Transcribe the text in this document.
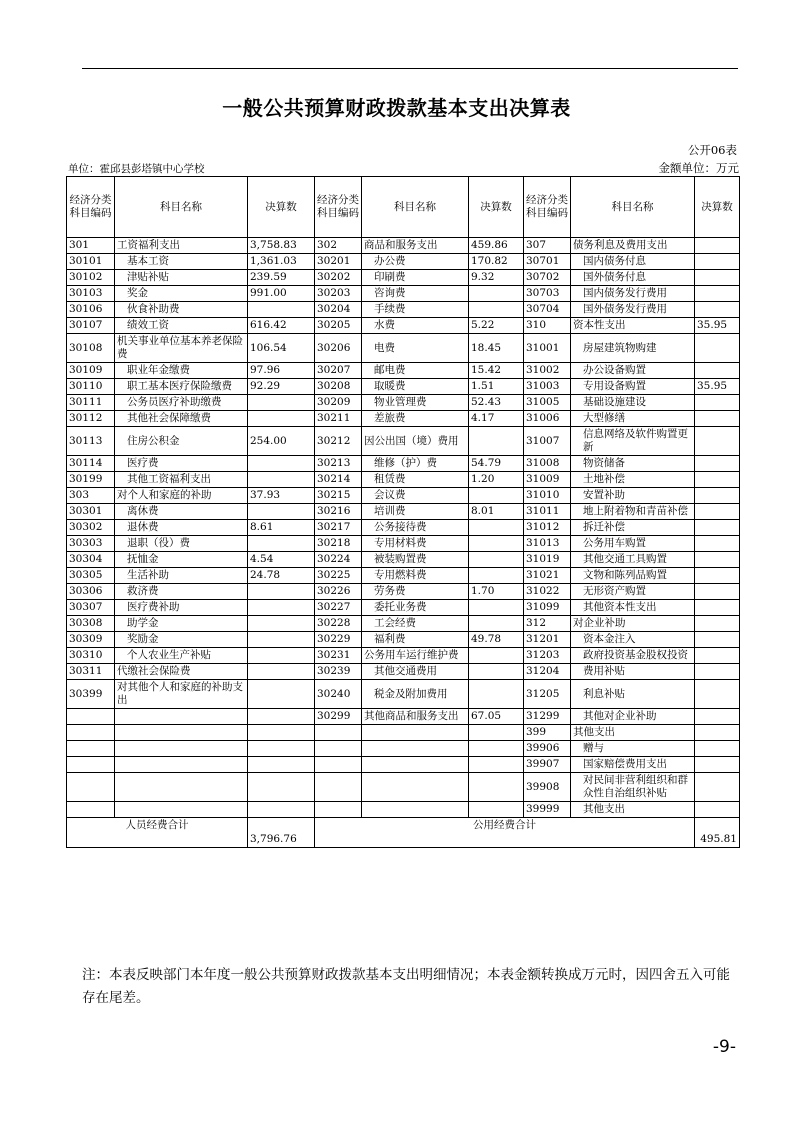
一般公共预算财政拨款基本支出决算表
公开06表
单位：霍邱县彭塔镇中心学校	金额单位：万元
经济分类科目编码	科目名称	决算数	经济分类科目编码	科目名称	决算数	经济分类科目编码	科目名称	决算数
301	工资福利支出	3,758.83	302	商品和服务支出	459.86	307	债务利息及费用支出	
30101	基本工资	1,361.03	30201	办公费	170.82	30701	国内债务付息	
30102	津贴补贴	239.59	30202	印刷费	9.32	30702	国外债务付息	
30103	奖金	991.00	30203	咨询费		30703	国内债务发行费用	
30106	伙食补助费		30204	手续费		30704	国外债务发行费用	
30107	绩效工资	616.42	30205	水费	5.22	310	资本性支出	35.95
30108	机关事业单位基本养老保险费	106.54	30206	电费	18.45	31001	房屋建筑物购建	
30109	职业年金缴费	97.96	30207	邮电费	15.42	31002	办公设备购置	
30110	职工基本医疗保险缴费	92.29	30208	取暖费	1.51	31003	专用设备购置	35.95
30111	公务员医疗补助缴费		30209	物业管理费	52.43	31005	基础设施建设	
30112	其他社会保障缴费		30211	差旅费	4.17	31006	大型修缮	
30113	住房公积金	254.00	30212	因公出国（境）费用		31007	信息网络及软件购置更新	
30114	医疗费		30213	维修（护）费	54.79	31008	物资储备	
30199	其他工资福利支出		30214	租赁费	1.20	31009	土地补偿	
303	对个人和家庭的补助	37.93	30215	会议费		31010	安置补助	
30301	离休费		30216	培训费	8.01	31011	地上附着物和青苗补偿	
30302	退休费	8.61	30217	公务接待费		31012	拆迁补偿	
30303	退职（役）费		30218	专用材料费		31013	公务用车购置	
30304	抚恤金	4.54	30224	被装购置费		31019	其他交通工具购置	
30305	生活补助	24.78	30225	专用燃料费		31021	文物和陈列品购置	
30306	救济费		30226	劳务费	1.70	31022	无形资产购置	
30307	医疗费补助		30227	委托业务费		31099	其他资本性支出	
30308	助学金		30228	工会经费		312	对企业补助	
30309	奖励金		30229	福利费	49.78	31201	资本金注入	
30310	个人农业生产补贴		30231	公务用车运行维护费		31203	政府投资基金股权投资	
30311	代缴社会保险费		30239	其他交通费用		31204	费用补贴	
30399	对其他个人和家庭的补助支出		30240	税金及附加费用		31205	利息补贴	
			30299	其他商品和服务支出	67.05	31299	其他对企业补助	
						399	其他支出	
						39906	赠与	
						39907	国家赔偿费用支出	
						39908	对民间非营利组织和群众性自治组织补贴	
						39999	其他支出	
人员经费合计		3,796.76	公用经费合计					495.81
注：本表反映部门本年度一般公共预算财政拨款基本支出明细情况；本表金额转换成万元时，因四舍五入可能存在尾差。
-9-
